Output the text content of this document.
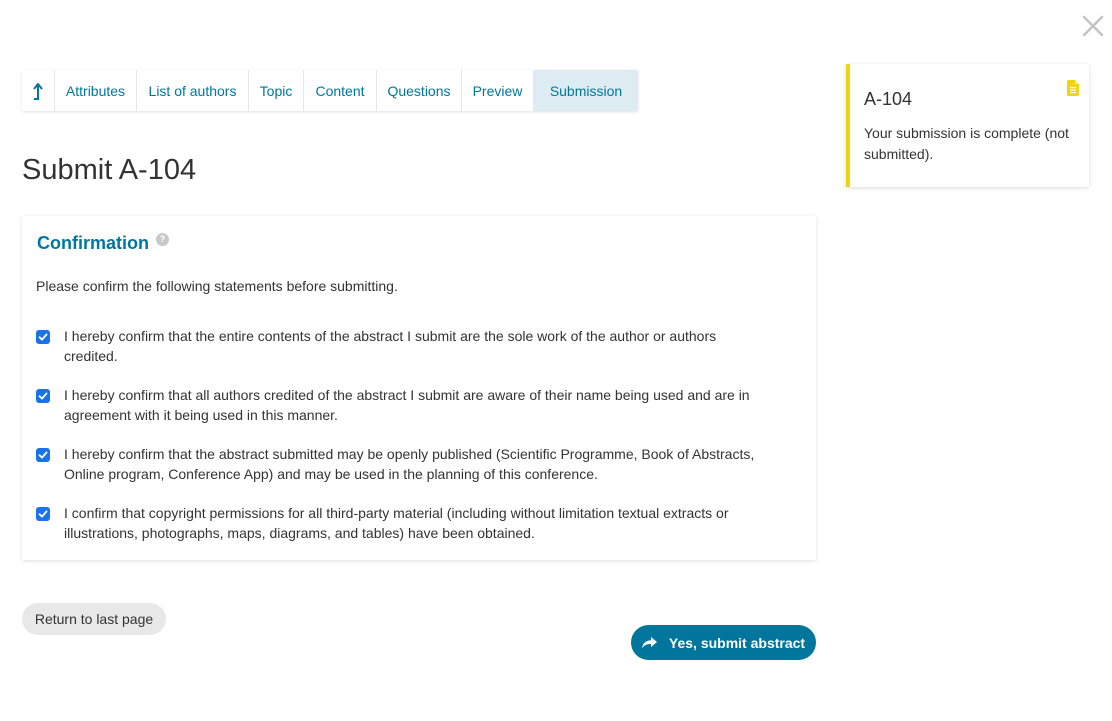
Attributes	List of authors	Topic	Content	Questions	Preview	Submission
Submit A-104
Confirmation	?
Please confirm the following statements before submitting.
I hereby confirm that the entire contents of the abstract I submit are the sole work of the author or authors credited.
I hereby confirm that all authors credited of the abstract I submit are aware of their name being used and are in agreement with it being used in this manner.
I hereby confirm that the abstract submitted may be openly published (Scientific Programme, Book of Abstracts, Online program, Conference App) and may be used in the planning of this conference.
I confirm that copyright permissions for all third-party material (including without limitation textual extracts or illustrations, photographs, maps, diagrams, and tables) have been obtained.
Return to last page
Yes, submit abstract
A-104
Your submission is complete (not submitted).
